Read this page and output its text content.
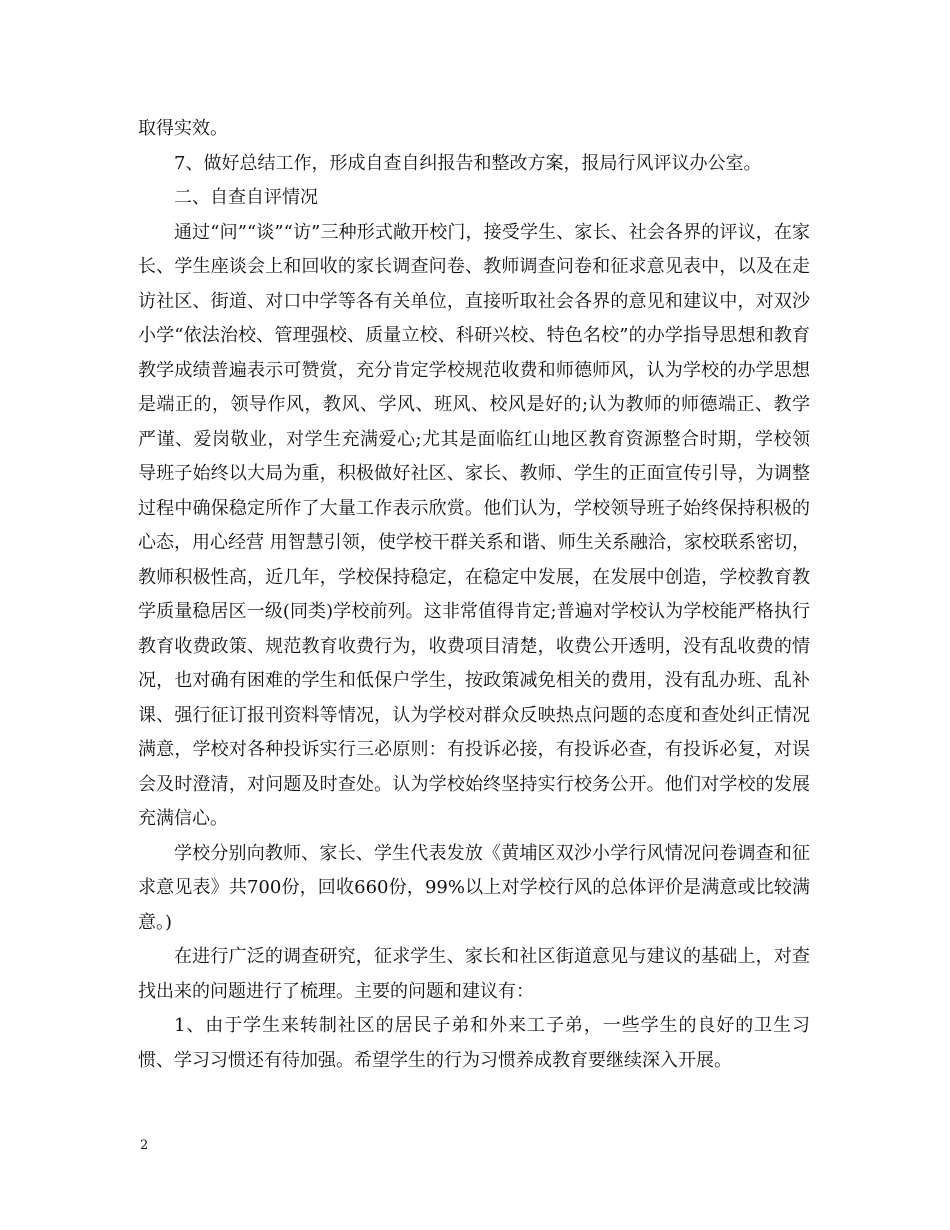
取得实效。

7、做好总结工作，形成自查自纠报告和整改方案，报局行风评议办公室。

二、自查自评情况

通过“问”“谈”“访”三种形式敞开校门，接受学生、家长、社会各界的评议，在家长、学生座谈会上和回收的家长调查问卷、教师调查问卷和征求意见表中，以及在走访社区、街道、对口中学等各有关单位，直接听取社会各界的意见和建议中，对双沙小学“依法治校、管理强校、质量立校、科研兴校、特色名校”的办学指导思想和教育教学成绩普遍表示可赞赏，充分肯定学校规范收费和师德师风，认为学校的办学思想是端正的，领导作风，教风、学风、班风、校风是好的;认为教师的师德端正、教学严谨、爱岗敬业，对学生充满爱心;尤其是面临红山地区教育资源整合时期，学校领导班子始终以大局为重，积极做好社区、家长、教师、学生的正面宣传引导，为调整过程中确保稳定所作了大量工作表示欣赏。他们认为，学校领导班子始终保持积极的心态，用心经营 用智慧引领，使学校干群关系和谐、师生关系融洽，家校联系密切，教师积极性高，近几年，学校保持稳定，在稳定中发展，在发展中创造，学校教育教学质量稳居区一级(同类)学校前列。这非常值得肯定;普遍对学校认为学校能严格执行教育收费政策、规范教育收费行为，收费项目清楚，收费公开透明，没有乱收费的情况，也对确有困难的学生和低保户学生，按政策减免相关的费用，没有乱办班、乱补课、强行征订报刊资料等情况，认为学校对群众反映热点问题的态度和查处纠正情况满意，学校对各种投诉实行三必原则：有投诉必接，有投诉必查，有投诉必复，对误会及时澄清，对问题及时查处。认为学校始终坚持实行校务公开。他们对学校的发展充满信心。

学校分别向教师、家长、学生代表发放《黄埔区双沙小学行风情况问卷调查和征求意见表》共700份，回收660份，99%以上对学校行风的总体评价是满意或比较满意。)

在进行广泛的调查研究，征求学生、家长和社区街道意见与建议的基础上，对查找出来的问题进行了梳理。主要的问题和建议有：

1、由于学生来转制社区的居民子弟和外来工子弟，一些学生的良好的卫生习惯、学习习惯还有待加强。希望学生的行为习惯养成教育要继续深入开展。

2
